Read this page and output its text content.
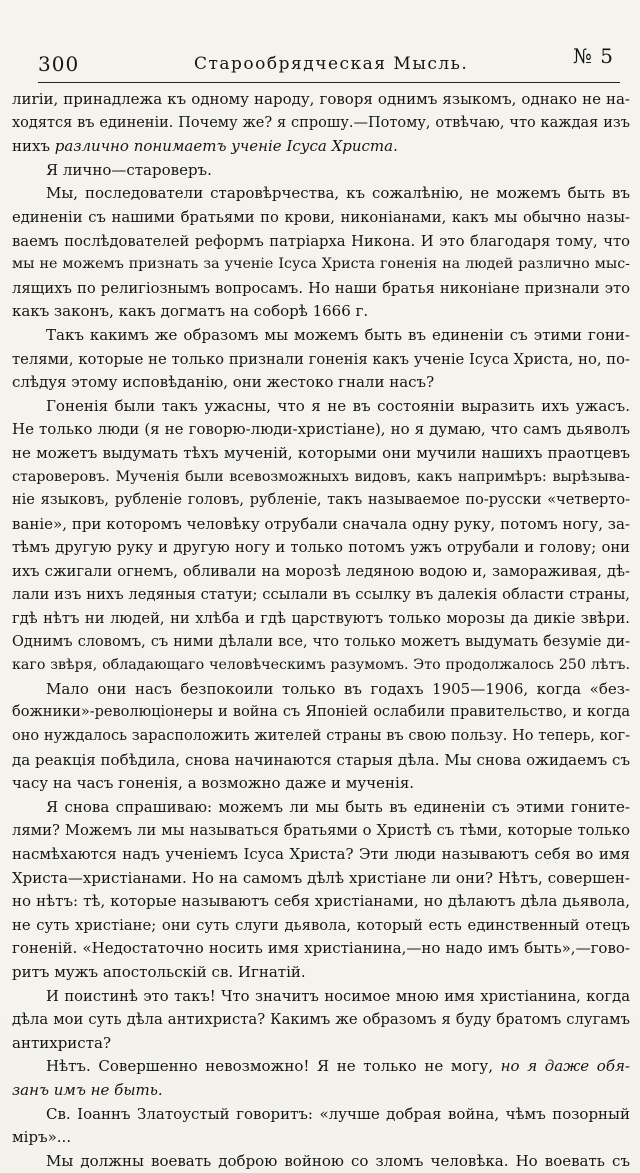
300	Старообрядческая Мысль.	№ 5
лиrіи, принадлежа къ одному народу, говоря однимъ языкомъ, однако не на-
ходятся въ единенiи. Почему же? я спрошу.—Потому, отвѣчаю, что каждая изъ
нихъ различно понимаетъ ученiе Iсуса Христа.
Я лично—староверъ.
Мы, последователи старовѣрчества, къ сожалѣнiю, не можемъ быть въ
единенiи съ нашими братьями по крови, никонiанами, какъ мы обычно назы-
ваемъ послѣдователей реформъ патрiарха Никона. И это благодаря тому, что
мы не можемъ признать за ученiе Iсуса Христа гоненiя на людей различно мыс-
лящихъ по религiознымъ вопросамъ. Но наши братья никонiане признали это
какъ законъ, какъ догматъ на соборѣ 1666 г.
Такъ какимъ же образомъ мы можемъ быть въ единенiи съ этими гони-
телями, которые не только признали гоненiя какъ ученiе Iсуса Христа, но, по-
слѣдуя этому исповѣданiю, они жестоко гнали насъ?
Гоненiя были такъ ужасны, что я не въ состоянiи выразить ихъ ужасъ.
Не только люди (я не говорю-люди-христiане), но я думаю, что самъ дьяволъ
не можетъ выдумать тѣхъ мученiй, которыми они мучили нашихъ праотцевъ
староверовъ. Мученiя были всевозможныхъ видовъ, какъ напримѣръ: вырѣзыва-
нiе языковъ, рубленiе головъ, рубленiе, такъ называемое по-русски «четверто-
ванiе», при которомъ человѣку отрубали сначала одну руку, потомъ ногу, за-
тѣмъ другую руку и другую ногу и только потомъ ужъ отрубали и голову; они
ихъ сжигали огнемъ, обливали на морозѣ ледяною водою и, замораживая, дѣ-
лали изъ нихъ ледяныя статуи; ссылали въ ссылку въ далекiя области страны,
гдѣ нѣтъ ни людей, ни хлѣба и гдѣ царствуютъ только морозы да дикiе звѣри.
Однимъ словомъ, съ ними дѣлали все, что только можетъ выдумать безумiе ди-
каго звѣря, обладающаго человѣческимъ разумомъ. Это продолжалось 250 лѣтъ.
Мало они насъ безпокоили только въ годахъ 1905—1906, когда «без-
божники»-революцiонеры и война съ Японiей ослабили правительство, и когда
оно нуждалось зарасположить жителей страны въ свою пользу. Но теперь, ког-
да реакцiя побѣдила, снова начинаются старыя дѣла. Мы снова ожидаемъ съ
часу на часъ гоненiя, а возможно даже и мученiя.
Я снова спрашиваю: можемъ ли мы быть въ единенiи съ этими гоните-
лями? Можемъ ли мы называться братьями о Христѣ съ тѣми, которые только
насмѣхаются надъ ученiемъ Iсуса Христа? Эти люди называютъ себя во имя
Христа—христiанами. Но на самомъ дѣлѣ христiане ли они? Нѣтъ, совершен-
но нѣтъ: тѣ, которые называютъ себя христiанами, но дѣлаютъ дѣла дьявола,
не суть христiане; они суть слуги дьявола, который есть единственный отецъ
гоненiй. «Недостаточно носить имя христiанина,—но надо имъ быть»,—гово-
ритъ мужъ апостольскiй св. Игнатiй.
И поистинѣ это такъ! Что значитъ носимое мною имя христiанина, когда
дѣла мои суть дѣла антихриста? Какимъ же образомъ я буду братомъ слугамъ
антихриста?
Нѣтъ. Совершенно невозможно! Я не только не могу, но я даже обя-
занъ имъ не быть.
Св. Iоаннъ Златоустый говоритъ: «лучше добрая война, чѣмъ позорный
мiръ»...
Мы должны воевать доброю войною со зломъ человѣка. Но воевать съ
